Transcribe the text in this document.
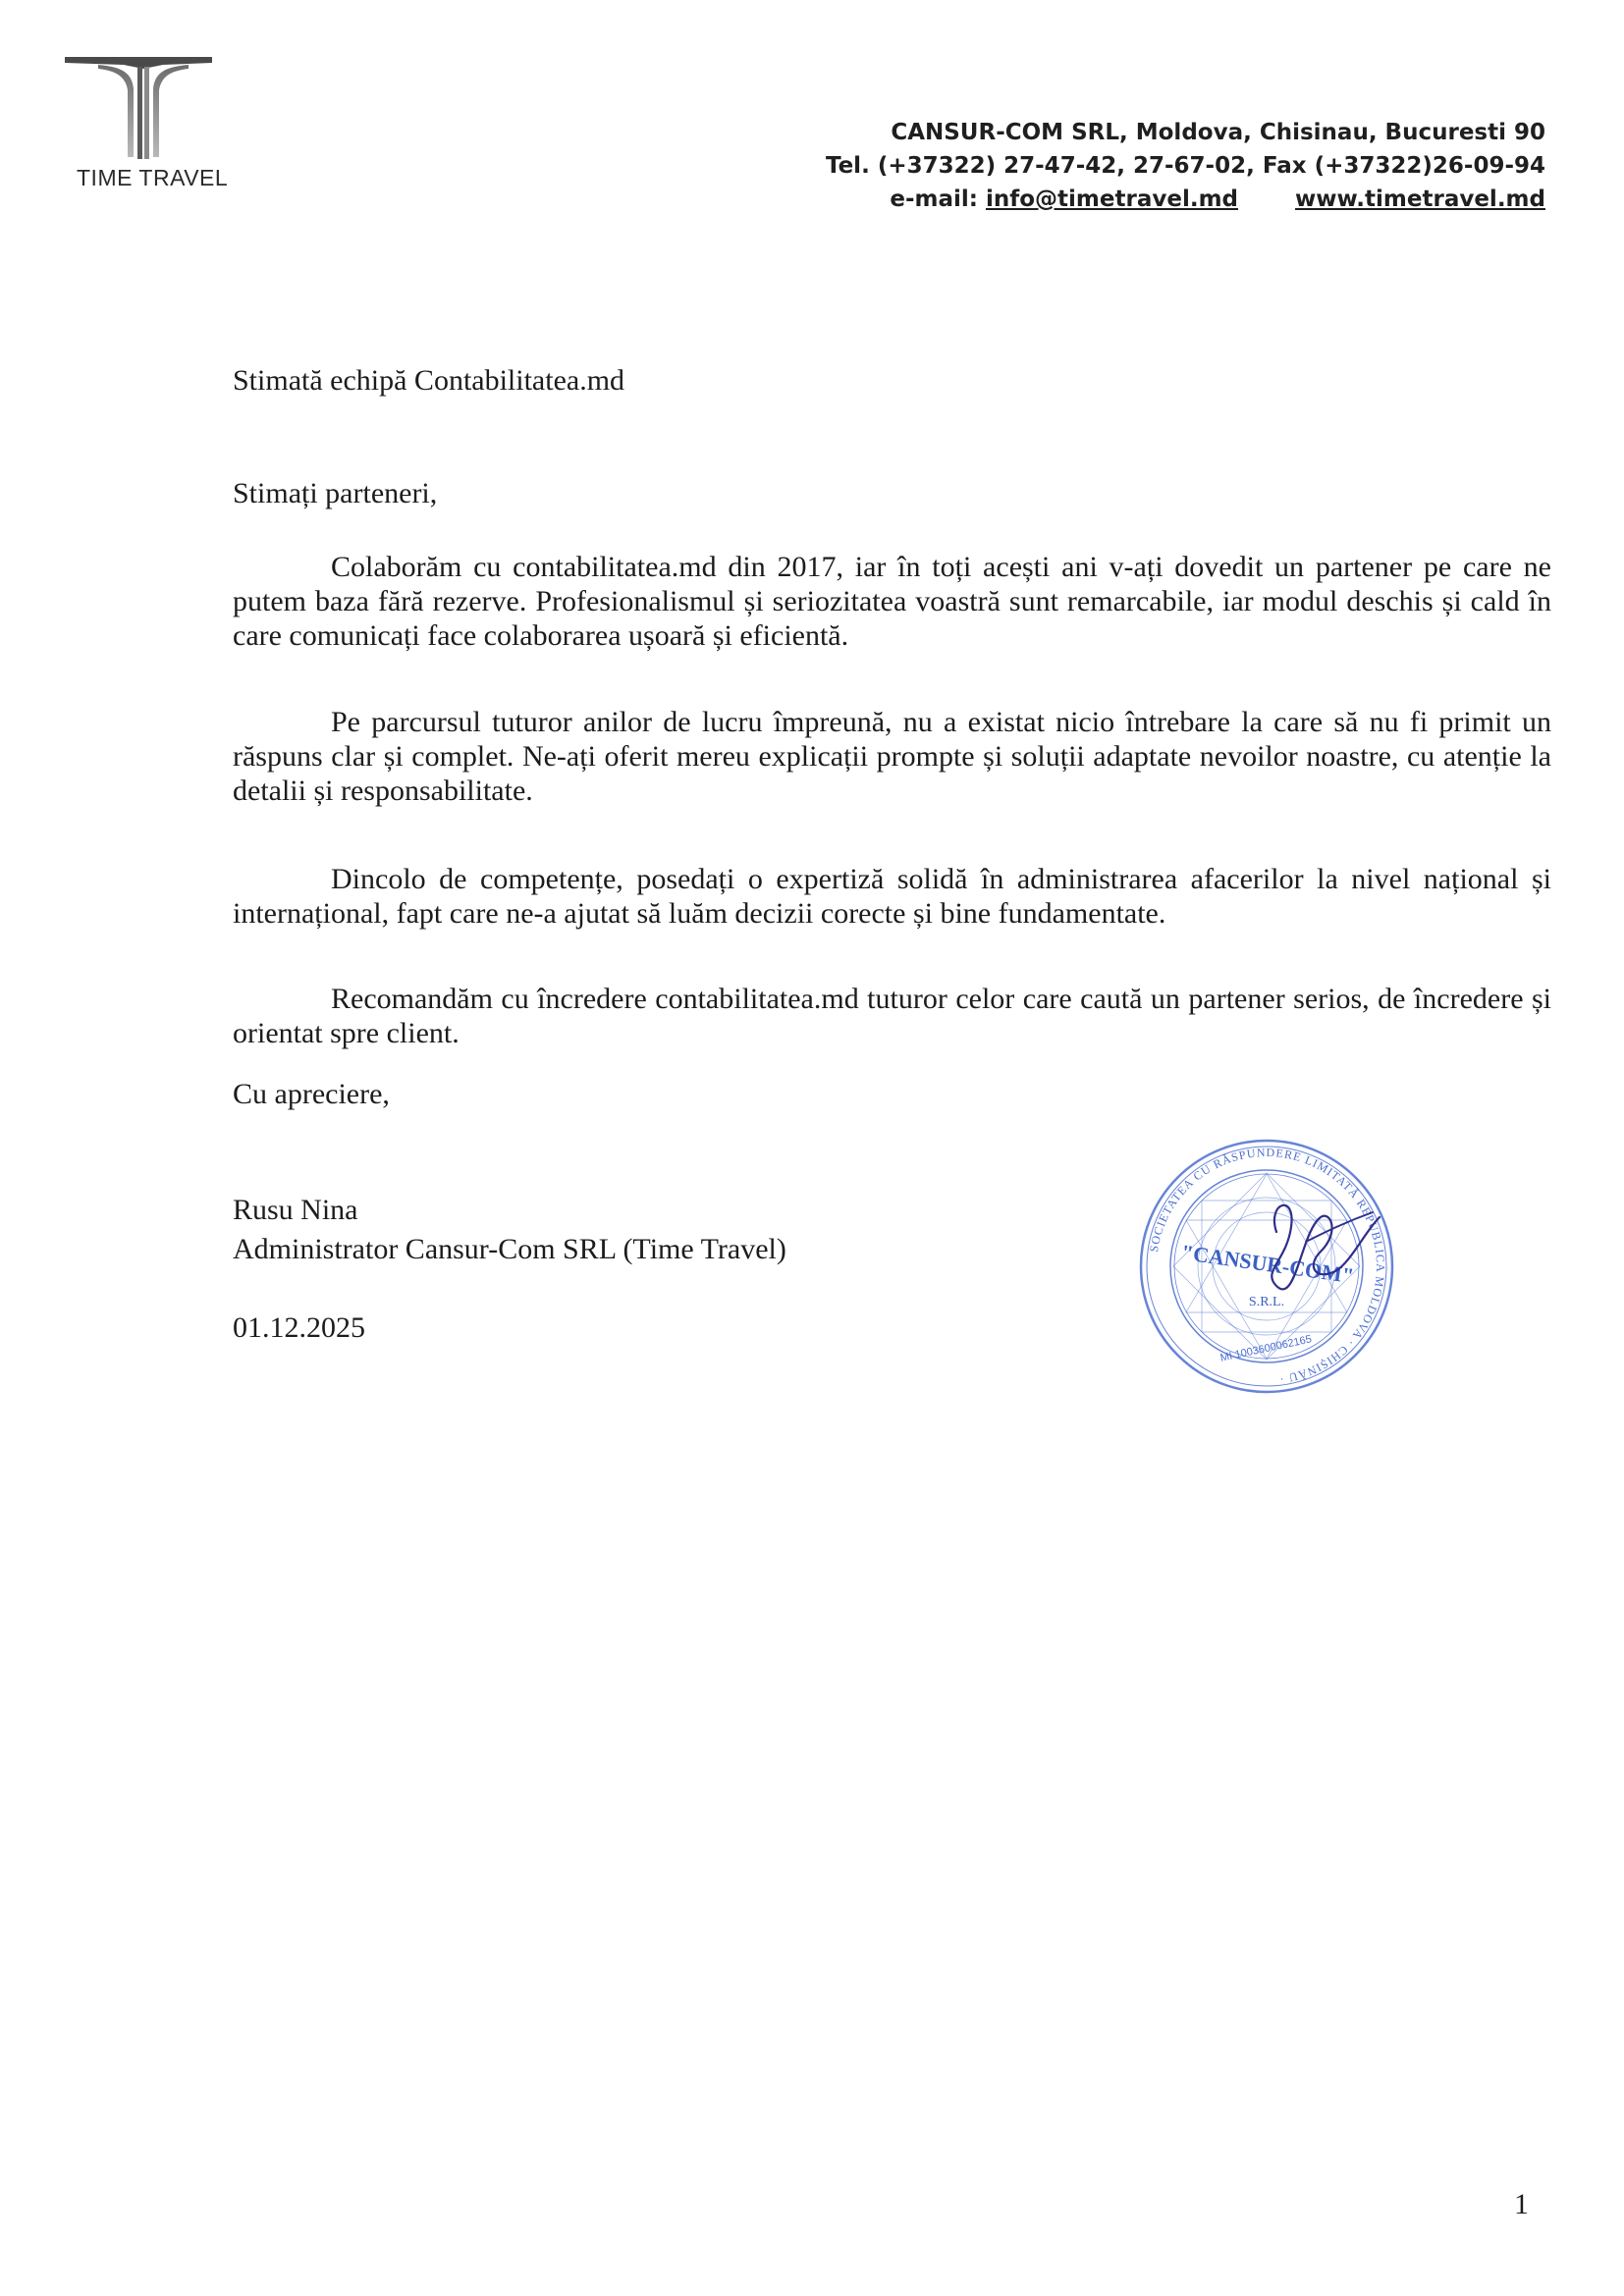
TIME TRAVEL
CANSUR-COM SRL, Moldova, Chisinau, Bucuresti 90
Tel. (+37322) 27-47-42, 27-67-02, Fax (+37322)26-09-94
e-mail: info@timetravel.md	www.timetravel.md
Stimată echipă Contabilitatea.md
Stimați parteneri,

Colaborăm cu contabilitatea.md din 2017, iar în toți acești ani v-ați dovedit un partener pe care ne putem baza fără rezerve. Profesionalismul și seriozitatea voastră sunt remarcabile, iar modul deschis și cald în care comunicați face colaborarea ușoară și eficientă.

Pe parcursul tuturor anilor de lucru împreună, nu a existat nicio întrebare la care să nu fi primit un răspuns clar și complet. Ne-ați oferit mereu explicații prompte și soluții adaptate nevoilor noastre, cu atenție la detalii și responsabilitate.

Dincolo de competențe, posedați o expertiză solidă în administrarea afacerilor la nivel național și internațional, fapt care ne-a ajutat să luăm decizii corecte și bine fundamentate.

Recomandăm cu încredere contabilitatea.md tuturor celor care caută un partener serios, de încredere și orientat spre client.

Cu apreciere,
Rusu Nina
Administrator Cansur-Com SRL (Time Travel)
01.12.2025
SOCIETATEA CU RĂSPUNDERE LIMITATĂ REPUBLICA MOLDOVA · CHIȘINĂU ·
"CANSUR-COM"
S.R.L.
MI 1003600062165
1
